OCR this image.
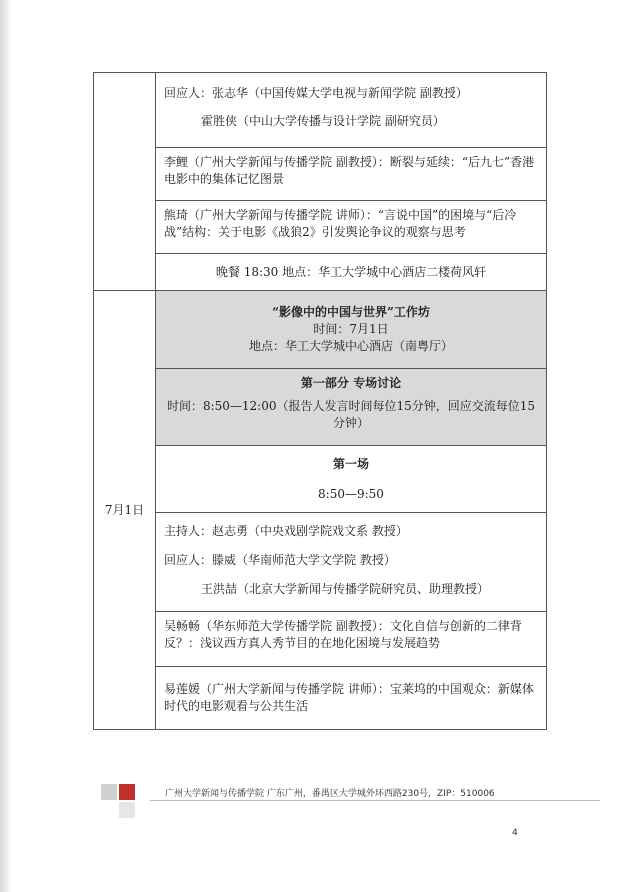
	回应人：张志华（中国传媒大学电视与新闻学院 副教授）
霍胜侠（中山大学传播与设计学院 副研究员）

	李鲤（广州大学新闻与传播学院 副教授）：断裂与延续：“后九七”香港电影中的集体记忆图景

	熊琦（广州大学新闻与传播学院 讲师）：“言说中国”的困境与“后冷战”结构：关于电影《战狼2》引发舆论争议的观察与思考

	晚餐 18:30 地点：华工大学城中心酒店二楼荷风轩
7月1日	“影像中的中国与世界”工作坊
时间：7月1日
地点：华工大学城中心酒店（南粤厅）

	第一部分 专场讨论
时间：8:50—12:00（报告人发言时间每位15分钟，回应交流每位15分钟）

	第一场
8:50—9:50

	主持人：赵志勇（中央戏剧学院戏文系 教授）
回应人：滕威（华南师范大学文学院 教授）
王洪喆（北京大学新闻与传播学院研究员、助理教授）

	吴畅畅（华东师范大学传播学院 副教授）：文化自信与创新的二律背反？：浅议西方真人秀节目的在地化困境与发展趋势

	易莲媛（广州大学新闻与传播学院 讲师）：宝莱坞的中国观众：新媒体时代的电影观看与公共生活
广州大学新闻与传播学院 广东广州，番禺区大学城外环西路230号，ZIP：510006
4
